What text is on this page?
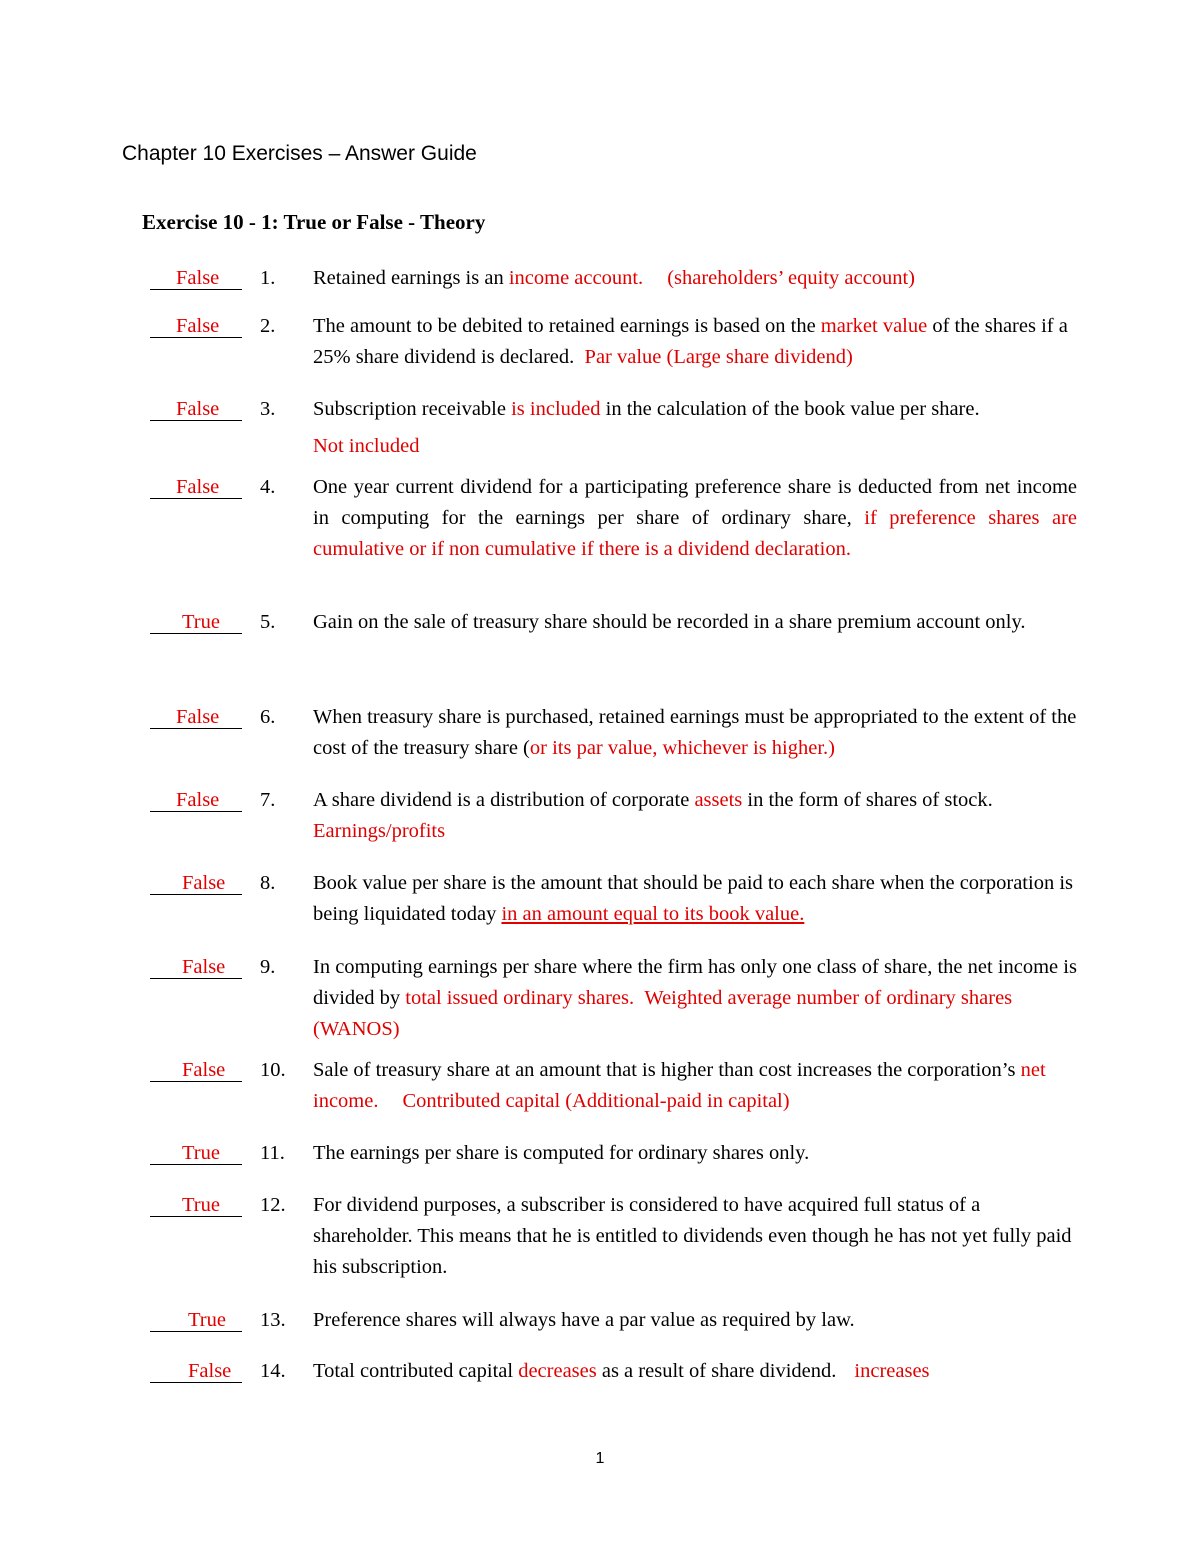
Chapter 10 Exercises – Answer Guide
Exercise 10 - 1: True or False - Theory
False 1.	Retained earnings is an income account. (shareholders’ equity account)
False 2.	The amount to be debited to retained earnings is based on the market value of the shares if a 25% share dividend is declared. Par value (Large share dividend)
False 3.	Subscription receivable is included in the calculation of the book value per share.
Not included
False 4.	One year current dividend for a participating preference share is deducted from net income in computing for the earnings per share of ordinary share, if preference shares are cumulative or if non cumulative if there is a dividend declaration.
True 5.	Gain on the sale of treasury share should be recorded in a share premium account only.
False 6.	When treasury share is purchased, retained earnings must be appropriated to the extent of the cost of the treasury share (or its par value, whichever is higher.)
False 7.	A share dividend is a distribution of corporate assets in the form of shares of stock.Earnings/profits
False 8.	Book value per share is the amount that should be paid to each share when the corporation is being liquidated today in an amount equal to its book value.
False 9.	In computing earnings per share where the firm has only one class of share, the net income is divided by total issued ordinary shares. Weighted average number of ordinary shares (WANOS)
False 10.	Sale of treasury share at an amount that is higher than cost increases the corporation’s net income. Contributed capital (Additional-paid in capital)
True 11.	The earnings per share is computed for ordinary shares only.
True 12.	For dividend purposes, a subscriber is considered to have acquired full status of a shareholder. This means that he is entitled to dividends even though he has not yet fully paid his subscription.
True 13.	Preference shares will always have a par value as required by law.
False 14.	Total contributed capital decreases as a result of share dividend. increases
1
